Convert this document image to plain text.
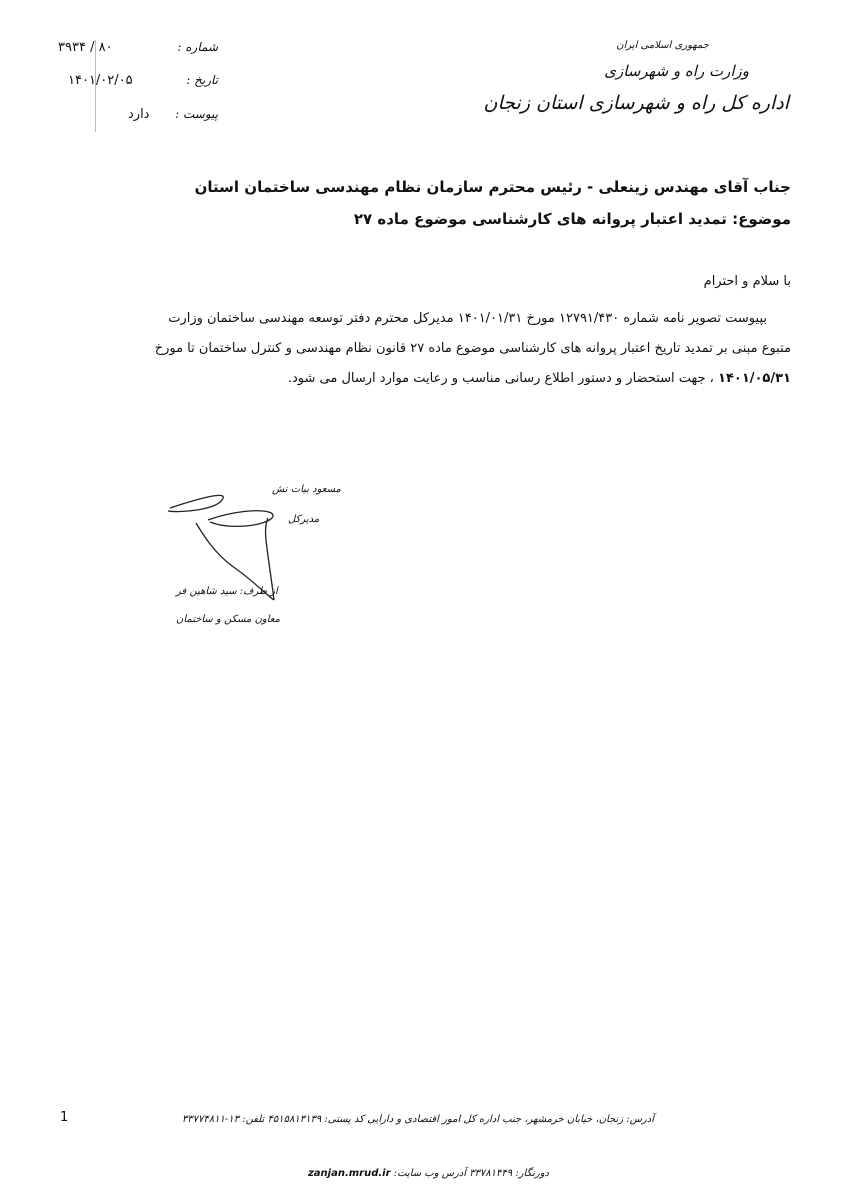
۸۰ / ۳۹۳۴	شماره :
۱۴۰۱/۰۲/۰۵	تاریخ :
دارد پیوست :
جمهوری اسلامی ایران
وزارت راه و شهرسازی
اداره کل راه و شهرسازی استان زنجان
جناب آقای مهندس زینعلی - رئیس محترم سازمان نظام مهندسی ساختمان استان
موضوع: تمدید اعتبار پروانه های کارشناسی موضوع ماده ۲۷
با سلام و احترام
بپیوست تصویر نامه شماره ۱۲۷۹۱/۴۳۰ مورخ ۱۴۰۱/۰۱/۳۱ مدیرکل محترم دفتر توسعه مهندسی ساختمان وزارت
متبوع مبنی بر تمدید تاریخ اعتبار پروانه های کارشناسی موضوع ماده ۲۷ قانون نظام مهندسی و کنترل ساختمان تا مورخ
۱۴۰۱/۰۵/۳۱ ، جهت استحضار و دستور اطلاع رسانی مناسب و رعایت موارد ارسال می شود.
مسعود بیات نش
مدیرکل
از طرف: سید شاهین فر
معاون مسکن و ساختمان
1	آدرس: زنجان، خیابان خرمشهر، جنب اداره کل امور اقتصادی و دارایی کد پستی: ۴۵۱۵۸۱۳۱۳۹ تلفن: ۱۳-۳۳۷۷۴۸۱۱
دورنگار: ۳۳۷۸۱۴۴۹ آدرس وب سایت: zanjan.mrud.ir
